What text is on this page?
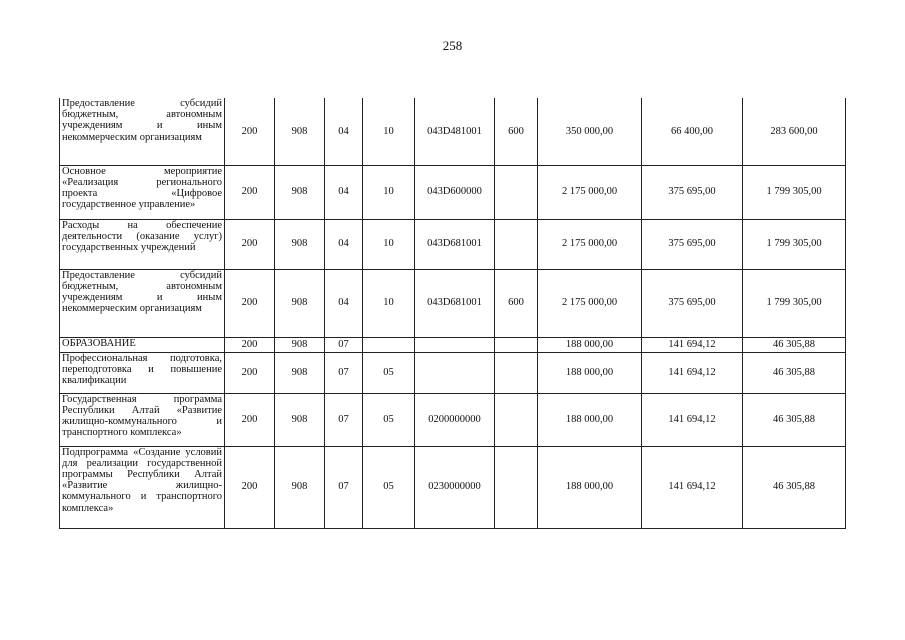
258
Предоставление субсидий бюджетным, автономным учреждениям и иным некоммерческим организациям	200	908	04	10	043D481001	600	350 000,00	66 400,00	283 600,00
Основное мероприятие «Реализация регионального проекта «Цифровое государственное управление»	200	908	04	10	043D600000		2 175 000,00	375 695,00	1 799 305,00
Расходы на обеспечение деятельности (оказание услуг) государственных учреждений	200	908	04	10	043D681001		2 175 000,00	375 695,00	1 799 305,00
Предоставление субсидий бюджетным, автономным учреждениям и иным некоммерческим организациям	200	908	04	10	043D681001	600	2 175 000,00	375 695,00	1 799 305,00
ОБРАЗОВАНИЕ	200	908	07				188 000,00	141 694,12	46 305,88
Профессиональная подготовка, переподготовка и повышение квалификации	200	908	07	05			188 000,00	141 694,12	46 305,88
Государственная программа Республики Алтай «Развитие жилищно-коммунального и транспортного комплекса»	200	908	07	05	0200000000		188 000,00	141 694,12	46 305,88
Подпрограмма «Создание условий для реализации государственной программы Республики Алтай «Развитие жилищно-коммунального и транспортного комплекса»	200	908	07	05	0230000000		188 000,00	141 694,12	46 305,88
